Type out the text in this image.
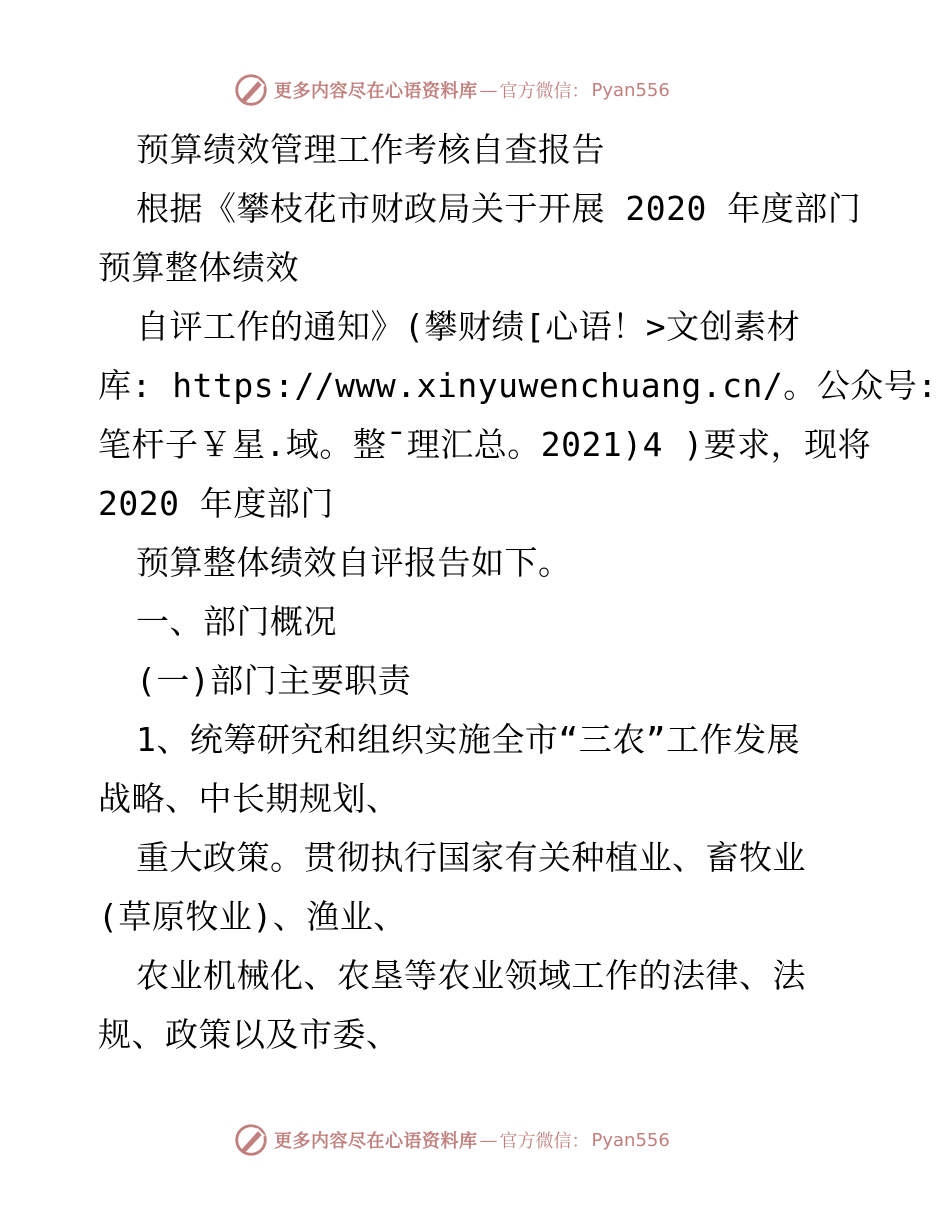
更多内容尽在心语资料库 — 官方微信： Pyan556
预算绩效管理工作考核自查报告
根据《攀枝花市财政局关于开展 2020 年度部门
预算整体绩效
自评工作的通知》(攀财绩[心语！>文创素材
库: https://www.xinyuwenchuang.cn/。公众号:
笔杆子￥星.域。整¯理汇总。2021)4 )要求，现将
2020 年度部门
预算整体绩效自评报告如下。
一、部门概况
(一)部门主要职责
1、统筹研究和组织实施全市“三农”工作发展
战略、中长期规划、
重大政策。贯彻执行国家有关种植业、畜牧业
(草原牧业)、渔业、
农业机械化、农垦等农业领域工作的法律、法
规、政策以及市委、
更多内容尽在心语资料库 — 官方微信： Pyan556
